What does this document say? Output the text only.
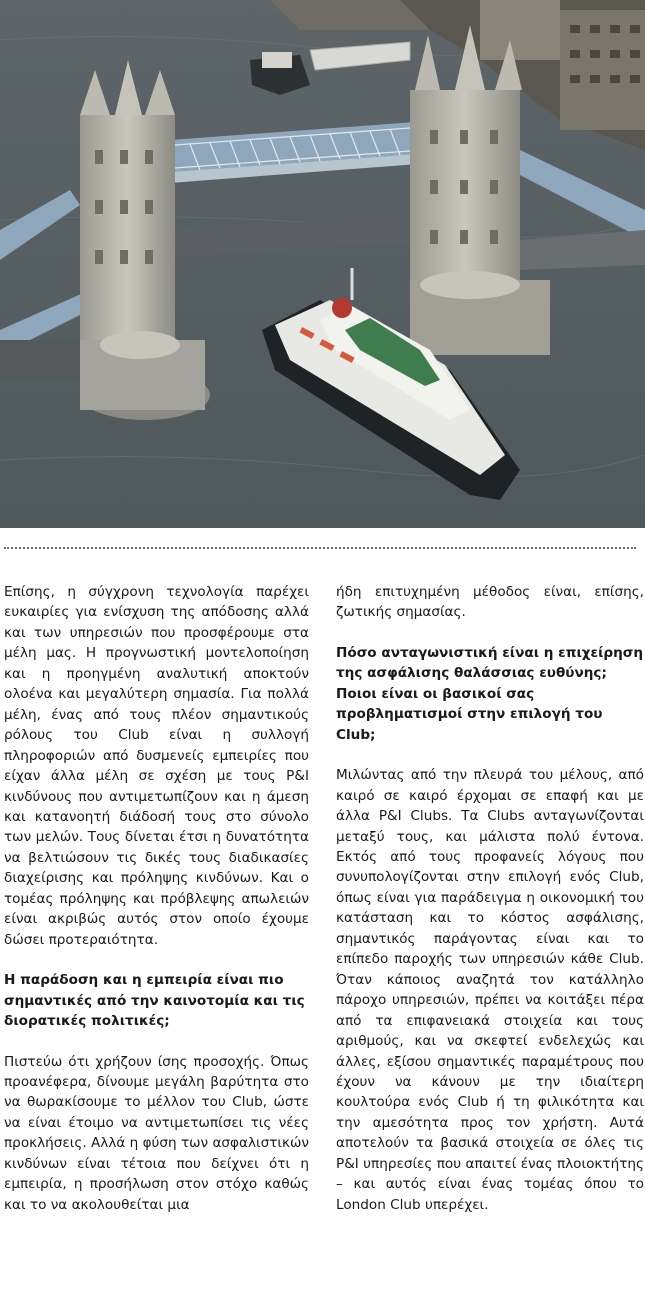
Επίσης, η σύγχρονη τεχνολογία παρέχει ευκαιρίες για ενίσχυση της απόδοσης αλλά και των υπηρεσιών που προσφέρουμε στα μέλη μας. Η προγνωστική μοντελοποίηση και η προηγμένη αναλυτική αποκτούν ολοένα και μεγαλύτερη σημασία. Για πολλά μέλη, ένας από τους πλέον σημαντικούς ρόλους του Club είναι η συλλογή πληροφοριών από δυσμενείς εμπειρίες που είχαν άλλα μέλη σε σχέση με τους P&I κινδύνους που αντιμετωπίζουν και η άμεση και κατανοητή διάδοσή τους στο σύνολο των μελών. Τους δίνεται έτσι η δυνατότητα να βελτιώσουν τις δικές τους διαδικασίες διαχείρισης και πρόληψης κινδύνων. Και ο τομέας πρόληψης και πρόβλεψης απωλειών είναι ακριβώς αυτός στον οποίο έχουμε δώσει προτεραιότητα.

Η παράδοση και η εμπειρία είναι πιο σημαντικές από την καινοτομία και τις διορατικές πολιτικές;

Πιστεύω ότι χρήζουν ίσης προσοχής. Όπως προανέφερα, δίνουμε μεγάλη βαρύτητα στο να θωρακίσουμε το μέλλον του Club, ώστε να είναι έτοιμο να αντιμετωπίσει τις νέες προκλήσεις. Αλλά η φύση των ασφαλιστικών κινδύνων είναι τέτοια που δείχνει ότι η εμπειρία, η προσήλωση στον στόχο καθώς και το να ακολουθείται μια

ήδη επιτυχημένη μέθοδος είναι, επίσης, ζωτικής σημασίας.

Πόσο ανταγωνιστική είναι η επιχείρηση της ασφάλισης θαλάσσιας ευθύνης; Ποιοι είναι οι βασικοί σας προβληματισμοί στην επιλογή του Club;

Μιλώντας από την πλευρά του μέλους, από καιρό σε καιρό έρχομαι σε επαφή και με άλλα P&I Clubs. Τα Clubs ανταγωνίζονται μεταξύ τους, και μάλιστα πολύ έντονα. Εκτός από τους προφανείς λόγους που συνυπολογίζονται στην επιλογή ενός Club, όπως είναι για παράδειγμα η οικονομική του κατάσταση και το κόστος ασφάλισης, σημαντικός παράγοντας είναι και το επίπεδο παροχής των υπηρεσιών κάθε Club. Όταν κάποιος αναζητά τον κατάλληλο πάροχο υπηρεσιών, πρέπει να κοιτάξει πέρα από τα επιφανειακά στοιχεία και τους αριθμούς, και να σκεφτεί ενδελεχώς και άλλες, εξίσου σημαντικές παραμέτρους που έχουν να κάνουν με την ιδιαίτερη κουλτούρα ενός Club ή τη φιλικότητα και την αμεσότητα προς τον χρήστη. Αυτά αποτελούν τα βασικά στοιχεία σε όλες τις P&I υπηρεσίες που απαιτεί ένας πλοιοκτήτης – και αυτός είναι ένας τομέας όπου το London Club υπερέχει.
